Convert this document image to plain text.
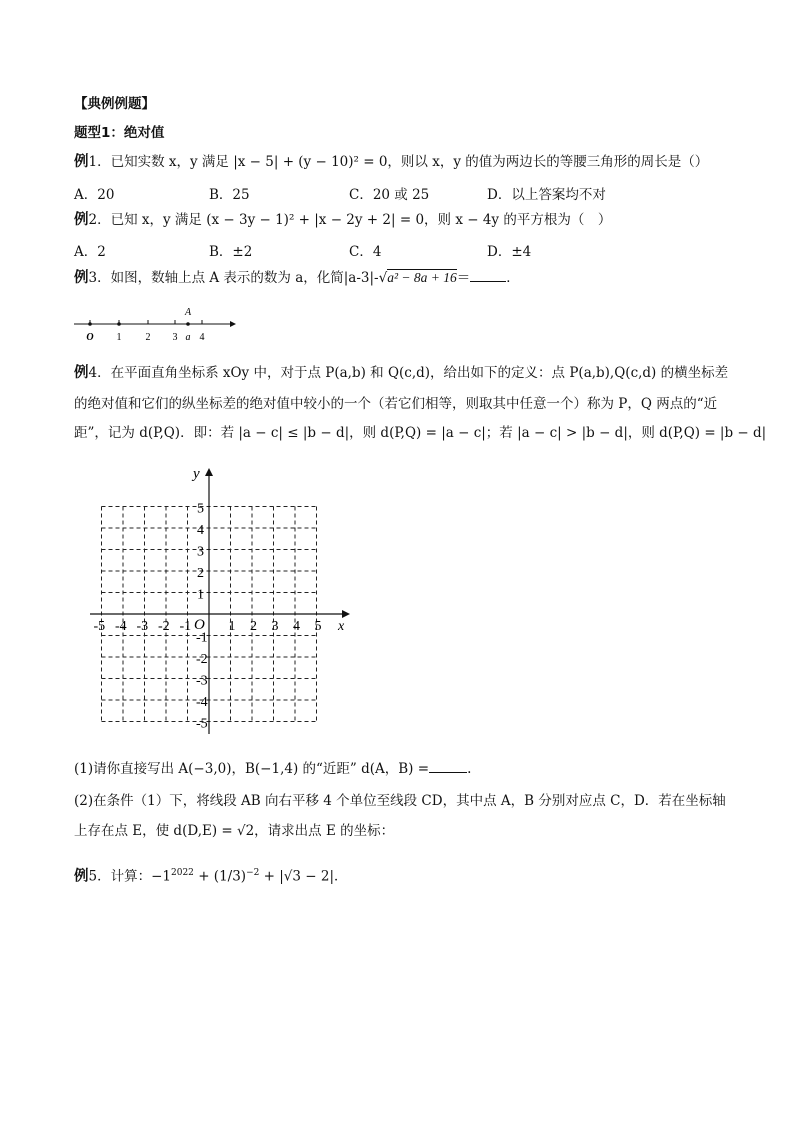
【典例例题】
题型1：绝对值
例1．已知实数 x，y 满足 |x − 5| + (y − 10)² = 0，则以 x，y 的值为两边长的等腰三角形的周长是（）
A．20	B．25	C．20 或 25	D．以上答案均不对
例2．已知 x，y 满足 (x − 3y − 1)² + |x − 2y + 2| = 0，则 x − 4y 的平方根为（　）
A．2	B．±2	C．4	D．±4
例3．如图，数轴上点 A 表示的数为 a，化简|a-3|-√a² − 8a + 16＝	．
A
O 1 2 3 a 4
例4．在平面直角坐标系 xOy 中，对于点 P(a,b) 和 Q(c,d)，给出如下的定义：点 P(a,b),Q(c,d) 的横坐标差
的绝对值和它们的纵坐标差的绝对值中较小的一个（若它们相等，则取其中任意一个）称为 P，Q 两点的“近
距”，记为 d(P,Q)．即：若 |a − c| ≤ |b − d|，则 d(P,Q) = |a − c|；若 |a − c| > |b − d|，则 d(P,Q) = |b − d|
x
y
O
-5 -4 -3 -2 -1	1 2 3 4 5
5
4
3
2
1
-1
-2
-3
-4
-5
(1)请你直接写出 A(−3,0)，B(−1,4) 的“近距” d(A，B) =	.
(2)在条件（1）下，将线段 AB 向右平移 4 个单位至线段 CD，其中点 A，B 分别对应点 C，D．若在坐标轴
上存在点 E，使 d(D,E) = √2，请求出点 E 的坐标：
例5．计算：$-1^{2022} + (1/3)^{-2} + |√3 - 2|$．
